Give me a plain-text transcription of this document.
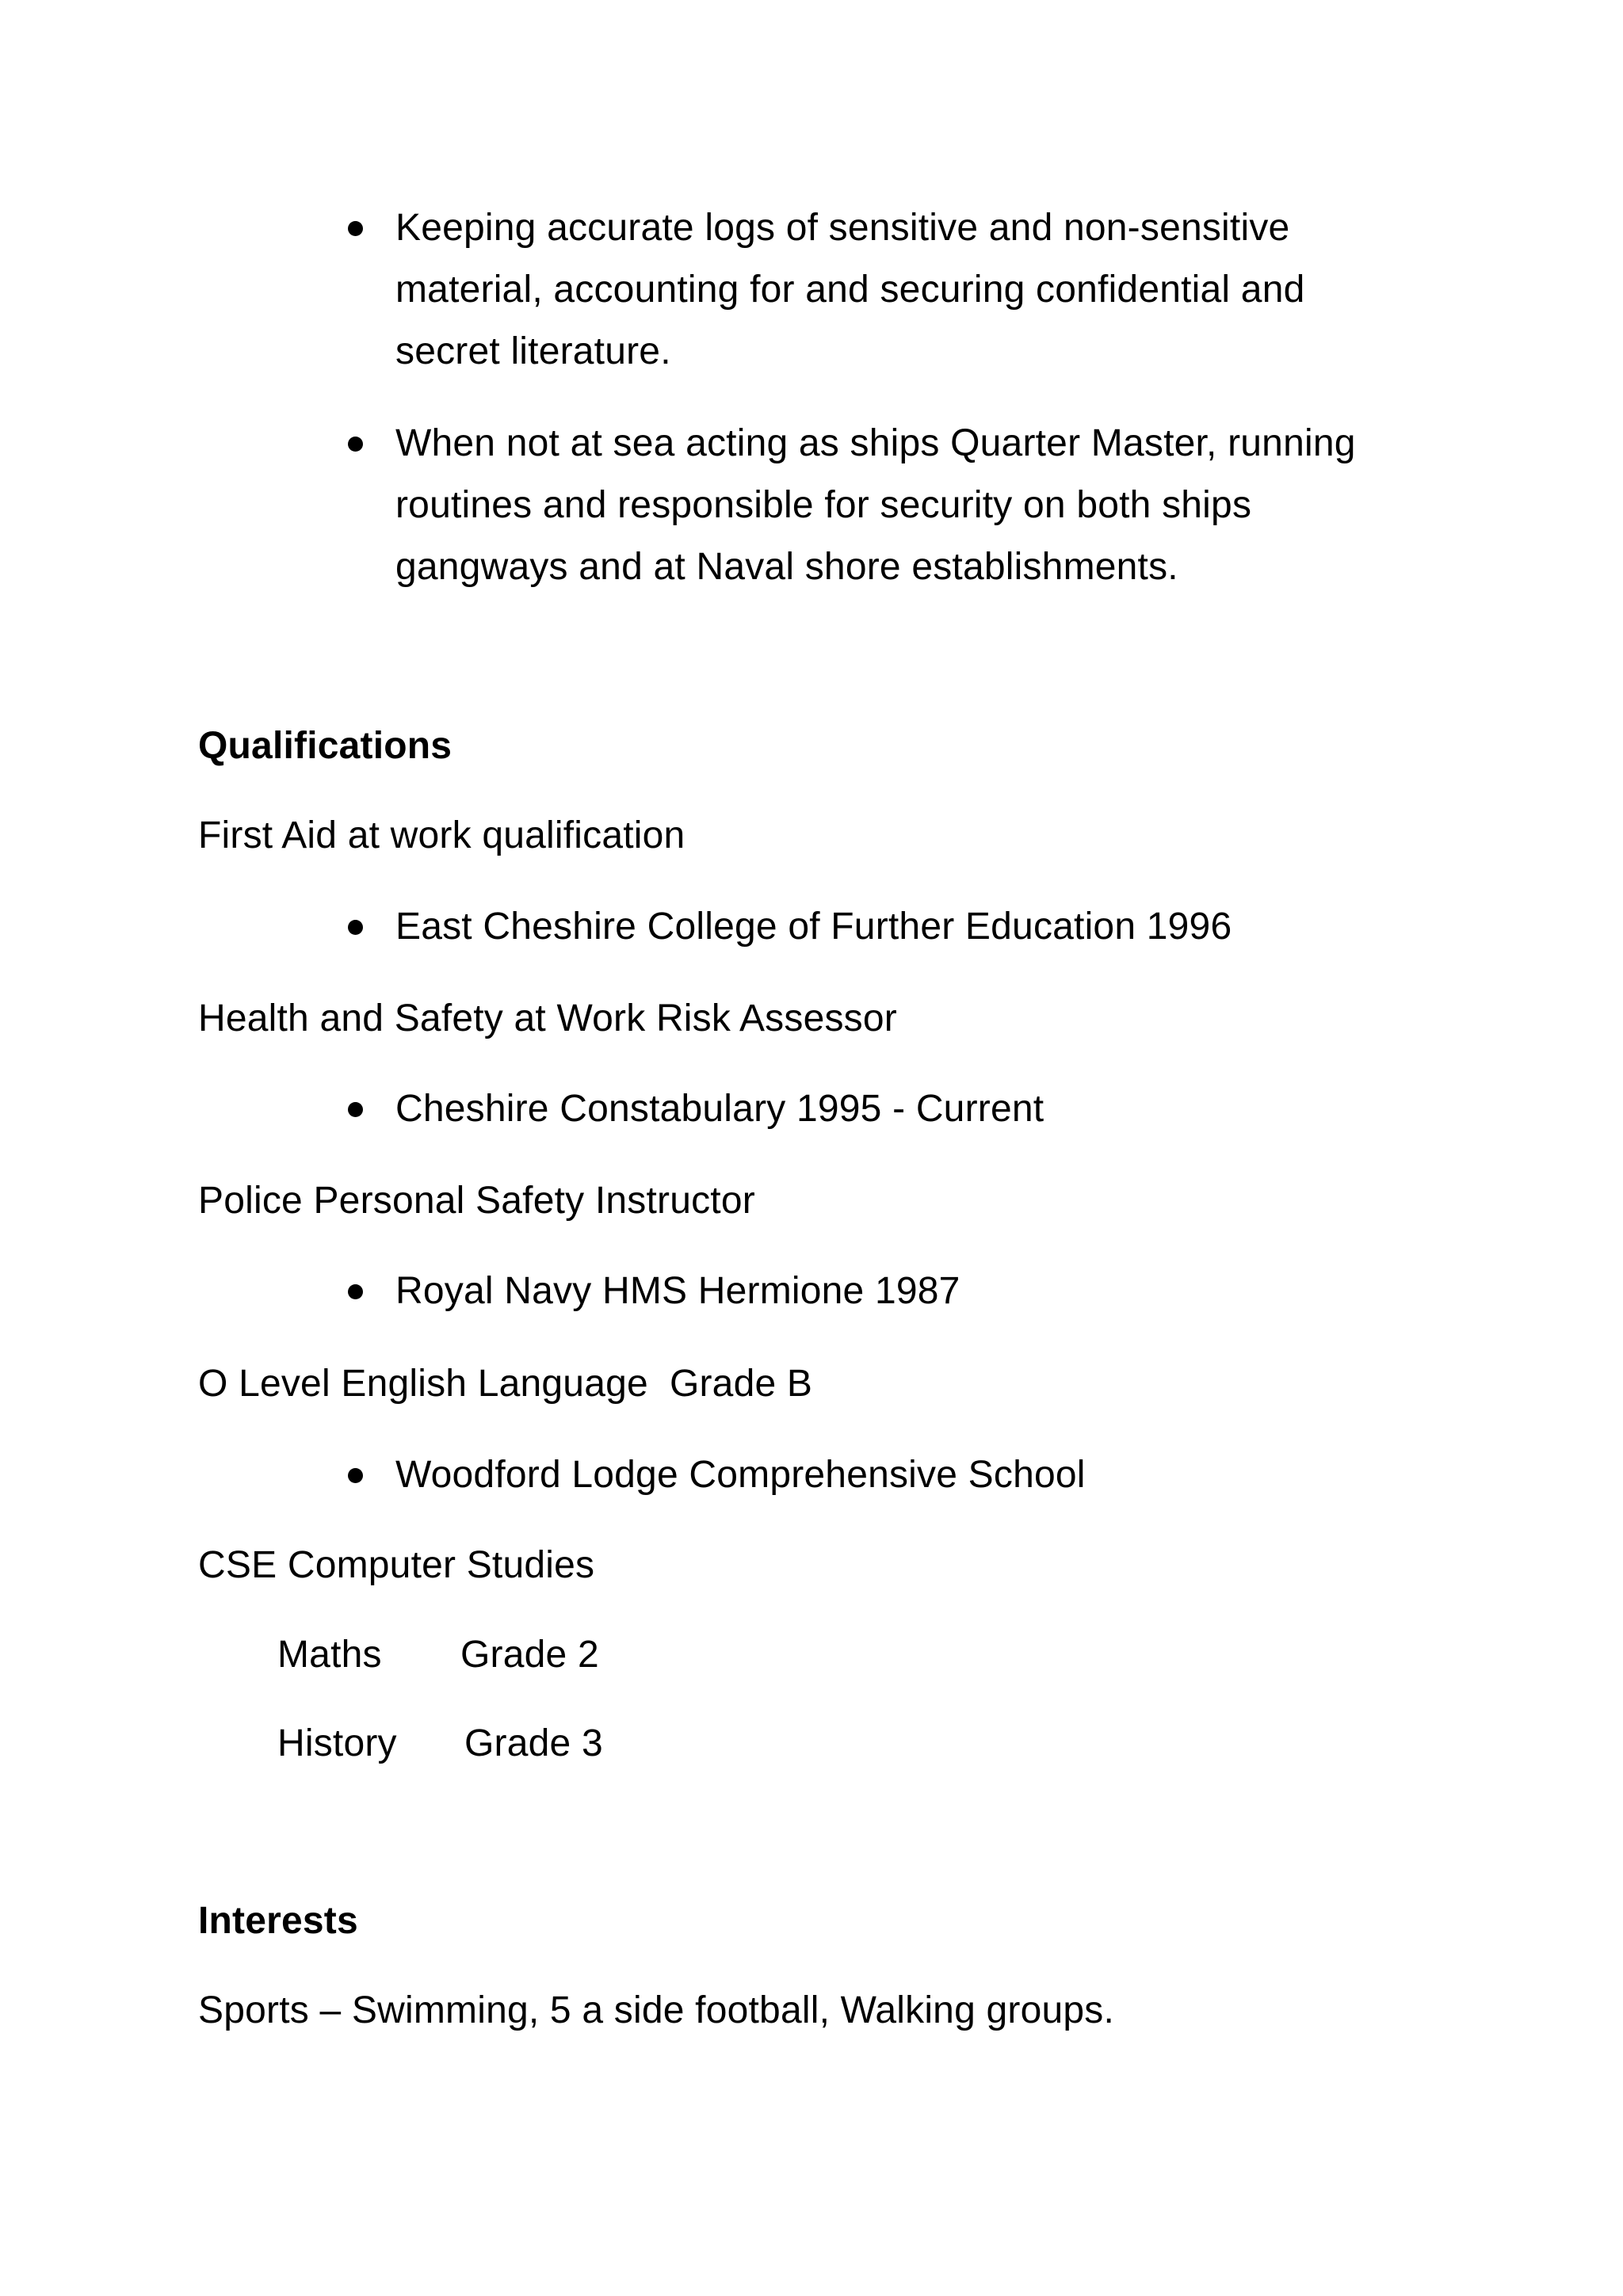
Keeping accurate logs of sensitive and non-sensitive
material, accounting for and securing confidential and
secret literature.
When not at sea acting as ships Quarter Master, running
routines and responsible for security on both ships
gangways and at Naval shore establishments.
Qualifications
First Aid at work qualification
East Cheshire College of Further Education 1996
Health and Safety at Work Risk Assessor
Cheshire Constabulary 1995 - Current
Police Personal Safety Instructor
Royal Navy HMS Hermione 1987
O Level English Language  Grade B
Woodford Lodge Comprehensive School
CSE Computer Studies
Maths Grade 2
History Grade 3
Interests
Sports – Swimming, 5 a side football, Walking groups.
